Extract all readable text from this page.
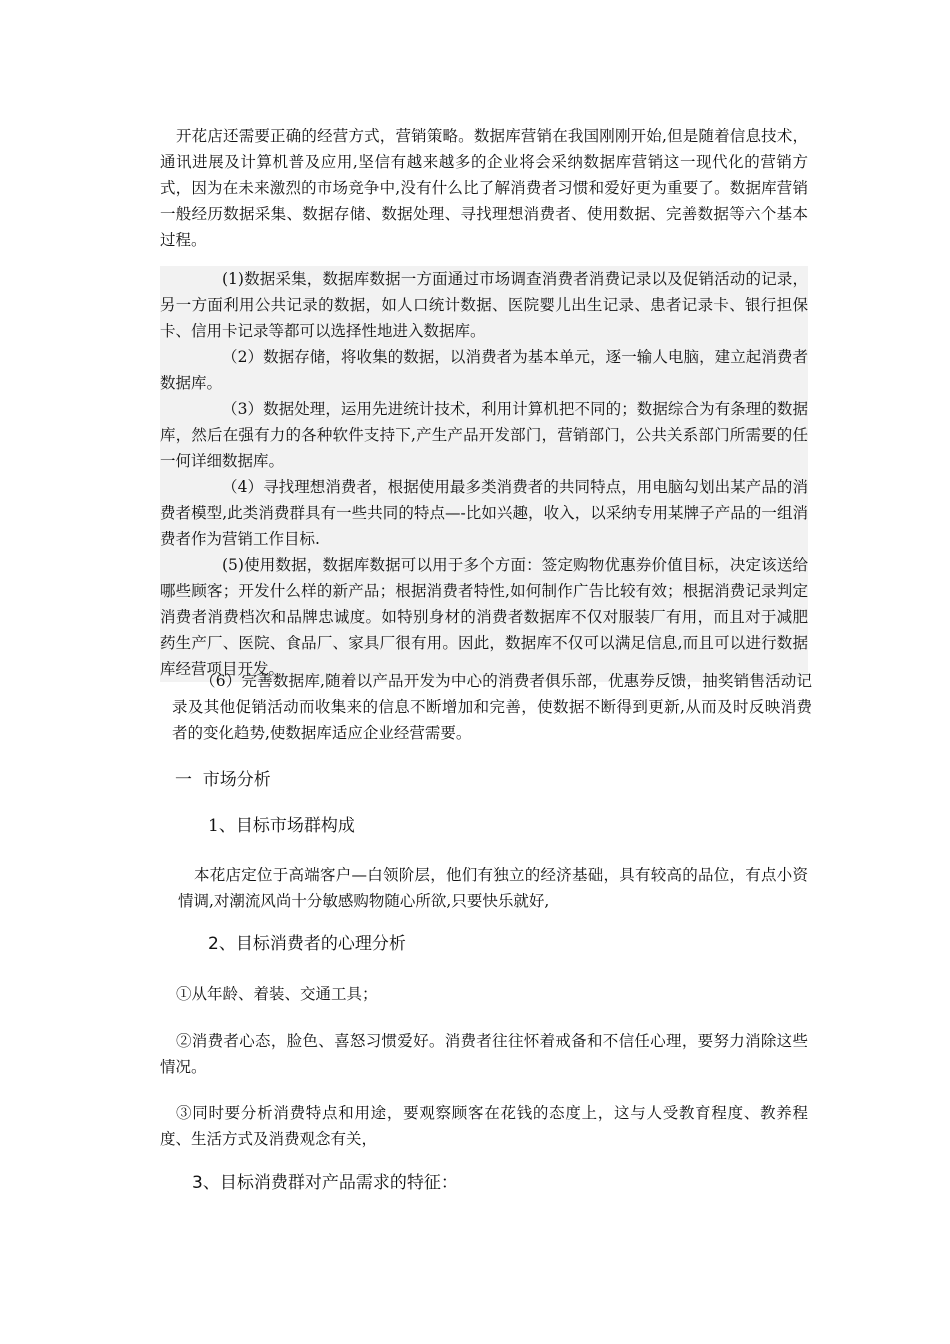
开花店还需要正确的经营方式，营销策略。数据库营销在我国刚刚开始,但是随着信息技术，通讯进展及计算机普及应用,坚信有越来越多的企业将会采纳数据库营销这一现代化的营销方式，因为在未来激烈的市场竞争中,没有什么比了解消费者习惯和爱好更为重要了。数据库营销一般经历数据采集、数据存储、数据处理、寻找理想消费者、使用数据、完善数据等六个基本过程。

(1)数据采集，数据库数据一方面通过市场调查消费者消费记录以及促销活动的记录，另一方面利用公共记录的数据，如人口统计数据、医院婴儿出生记录、患者记录卡、银行担保卡、信用卡记录等都可以选择性地进入数据库。

（2）数据存储，将收集的数据，以消费者为基本单元，逐一输人电脑，建立起消费者数据库。

（3）数据处理，运用先进统计技术，利用计算机把不同的；数据综合为有条理的数据库，然后在强有力的各种软件支持下,产生产品开发部门，营销部门，公共关系部门所需要的任一何详细数据库。

（4）寻找理想消费者，根据使用最多类消费者的共同特点，用电脑勾划出某产品的消费者模型,此类消费群具有一些共同的特点—-比如兴趣，收入，以采纳专用某牌子产品的一组消费者作为营销工作目标.

(5)使用数据，数据库数据可以用于多个方面：签定购物优惠券价值目标，决定该送给哪些顾客；开发什么样的新产品；根据消费者特性,如何制作广告比较有效；根据消费记录判定消费者消费档次和品牌忠诚度。如特别身材的消费者数据库不仅对服装厂有用，而且对于减肥药生产厂、医院、食品厂、家具厂很有用。因此，数据库不仅可以满足信息,而且可以进行数据库经营项目开发。

（6）完善数据库,随着以产品开发为中心的消费者俱乐部，优惠券反馈，抽奖销售活动记录及其他促销活动而收集来的信息不断增加和完善，使数据不断得到更新,从而及时反映消费者的变化趋势,使数据库适应企业经营需要。

一  市场分析
1、目标市场群构成

本花店定位于高端客户—白领阶层，他们有独立的经济基础，具有较高的品位，有点小资情调,对潮流风尚十分敏感购物随心所欲,只要快乐就好,

2、目标消费者的心理分析

①从年龄、着装、交通工具；

②消费者心态，脸色、喜怒习惯爱好。消费者往往怀着戒备和不信任心理，要努力消除这些情况。

③同时要分析消费特点和用途，要观察顾客在花钱的态度上，这与人受教育程度、教养程度、生活方式及消费观念有关，

3、目标消费群对产品需求的特征：
